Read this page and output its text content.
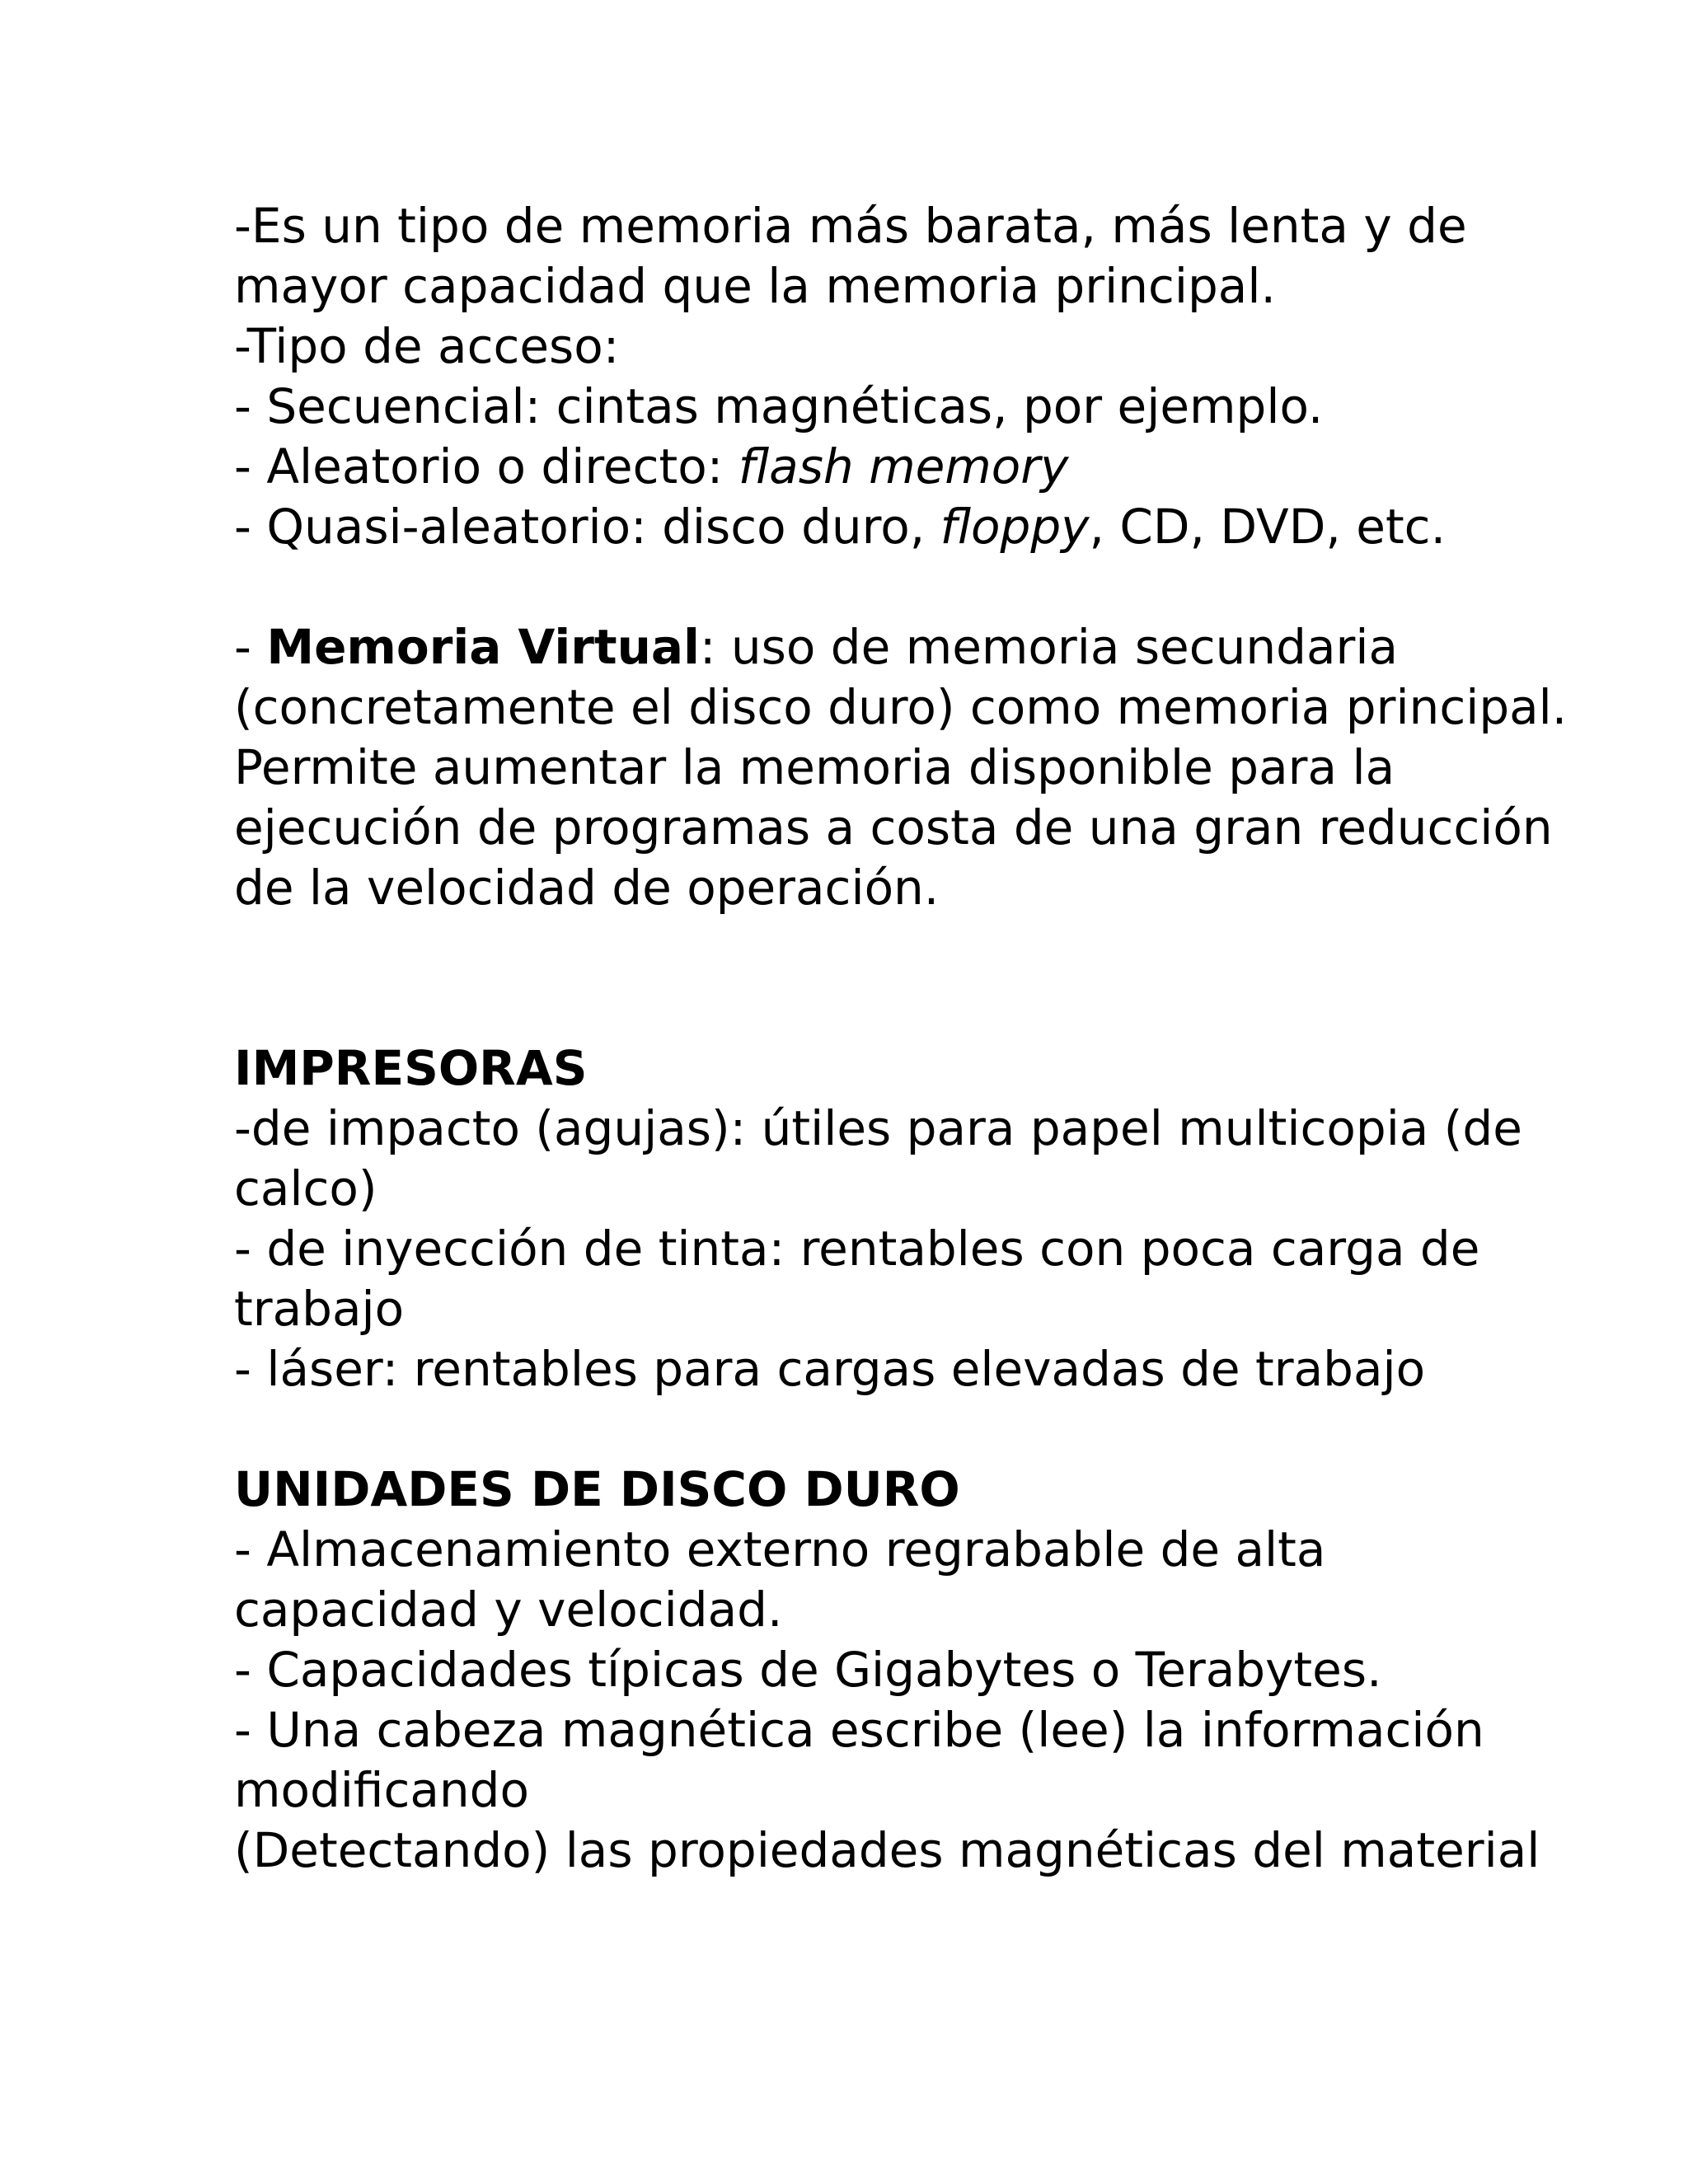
-Es un tipo de memoria más barata, más lenta y de
mayor capacidad que la memoria principal.
-Tipo de acceso:
- Secuencial: cintas magnéticas, por ejemplo.
- Aleatorio o directo: flash memory
- Quasi-aleatorio: disco duro, floppy, CD, DVD, etc.
- Memoria Virtual: uso de memoria secundaria
(concretamente el disco duro) como memoria principal.
Permite aumentar la memoria disponible para la
ejecución de programas a costa de una gran reducción
de la velocidad de operación.
IMPRESORAS
-de impacto (agujas): útiles para papel multicopia (de
calco)
- de inyección de tinta: rentables con poca carga de
trabajo
- láser: rentables para cargas elevadas de trabajo
UNIDADES DE DISCO DURO
- Almacenamiento externo regrabable de alta
capacidad y velocidad.
- Capacidades típicas de Gigabytes o Terabytes.
- Una cabeza magnética escribe (lee) la información
modificando
(Detectando) las propiedades magnéticas del material
